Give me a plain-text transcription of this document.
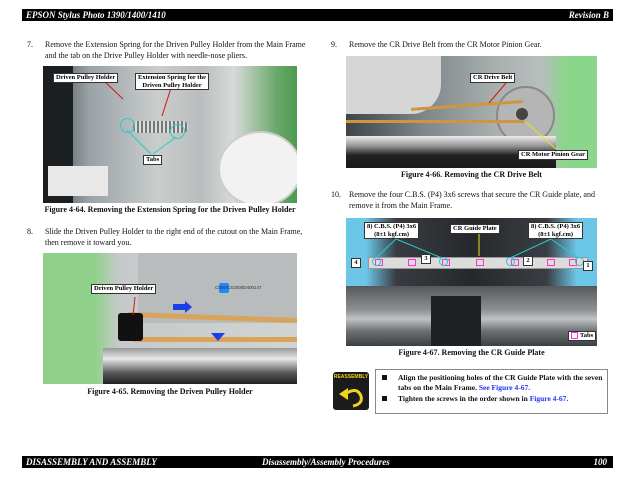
EPSON Stylus Photo 1390/1400/1410	Revision B
7. Remove the Extension Spring for the Driven Pulley Holder from the Main Frame
and the tab on the Drive Pulley Holder with needle-nose pliers.
Driven Pulley Holder	Extension Spring for the
Driven Pulley Holder
Tabs
Figure 4-64. Removing the Extension Spring for the Driven Pulley Holder
8. Slide the Driven Pulley Holder to the right end of the cutout on the Main Frame,
then remove it toward you.
C589/CS2000D400147
Driven Pulley Holder
Figure 4-65. Removing the Driven Pulley Holder
9. Remove the CR Drive Belt from the CR Motor Pinion Gear.
CR Drive Belt
CR Motor Pinion Gear
Figure 4-66. Removing the CR Drive Belt
10. Remove the four C.B.S. (P4) 3x6 screws that secure the CR Guide plate, and
remove it from the Main Frame.
8) C.B.S. (P4) 3x6
(8±1 kgf.cm)
CR Guide Plate	8) C.B.S. (P4) 3x6
(8±1 kgf.cm)
4
3	2
1
Tabs
Figure 4-67. Removing the CR Guide Plate
REASSEMBLY	Align the positioning holes of the CR Guide Plate with the seven
tabs on the Main Frame. See Figure 4-67.
Tighten the screws in the order shown in Figure 4-67.
DISASSEMBLY AND ASSEMBLY	Disassembly/Assembly Procedures	100
